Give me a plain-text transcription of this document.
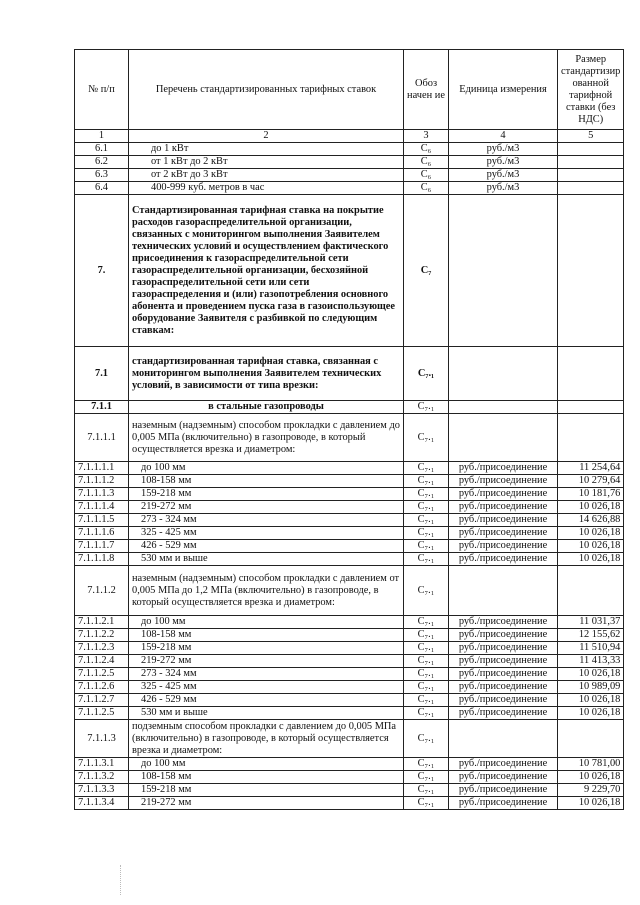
№ п/п	Перечень стандартизированных тарифных ставок	Обоз начен ие	Единица измерения	Размер стандартизир ованной тарифной ставки (без НДС)
1	2	3	4	5
6.1	до 1 кВт	C₆	руб./м3	
6.2	от 1 кВт до 2 кВт	C₆	руб./м3	
6.3	от 2 кВт до 3 кВт	C₆	руб./м3	
6.4	400-999 куб. метров в час	C₆	руб./м3	
7.	Стандартизированная тарифная ставка на покрытие расходов газораспределительной организации, связанных с мониторингом выполнения Заявителем технических условий и осуществлением фактического присоединения к газораспределительной сети газораспределительной организации, бесхозяйной газораспределительной сети или сети газораспределения и (или) газопотребления основного абонента и проведением пуска газа в газоиспользующее оборудование Заявителя с разбивкой по следующим ставкам:	C₇		
7.1	стандартизированная тарифная ставка, связанная с мониторингом выполнения Заявителем технических условий, в зависимости от типа врезки:	C₇.₁		
7.1.1	в стальные газопроводы	C₇.₁		
7.1.1.1	наземным (надземным) способом прокладки с давлением до 0,005 МПа (включительно) в газопроводе, в который осуществляется врезка и диаметром:	C₇.₁		
7.1.1.1.1	до 100 мм	C₇.₁	руб./присоединение	11 254,64
7.1.1.1.2	108-158 мм	C₇.₁	руб./присоединение	10 279,64
7.1.1.1.3	159-218 мм	C₇.₁	руб./присоединение	10 181,76
7.1.1.1.4	219-272 мм	C₇.₁	руб./присоединение	10 026,18
7.1.1.1.5	273 - 324 мм	C₇.₁	руб./присоединение	14 626,88
7.1.1.1.6	325 - 425 мм	C₇.₁	руб./присоединение	10 026,18
7.1.1.1.7	426 - 529 мм	C₇.₁	руб./присоединение	10 026,18
7.1.1.1.8	530 мм и выше	C₇.₁	руб./присоединение	10 026,18
7.1.1.2	наземным (надземным) способом прокладки с давлением от 0,005 МПа до 1,2 МПа (включительно) в газопроводе, в который осуществляется врезка и диаметром:	C₇.₁		
7.1.1.2.1	до 100 мм	C₇.₁	руб./присоединение	11 031,37
7.1.1.2.2	108-158 мм	C₇.₁	руб./присоединение	12 155,62
7.1.1.2.3	159-218 мм	C₇.₁	руб./присоединение	11 510,94
7.1.1.2.4	219-272 мм	C₇.₁	руб./присоединение	11 413,33
7.1.1.2.5	273 - 324 мм	C₇.₁	руб./присоединение	10 026,18
7.1.1.2.6	325 - 425 мм	C₇.₁	руб./присоединение	10 989,09
7.1.1.2.7	426 - 529 мм	C₇.₁	руб./присоединение	10 026,18
7.1.1.2.5	530 мм и выше	C₇.₁	руб./присоединение	10 026,18
7.1.1.3	подземным способом прокладки с давлением до 0,005 МПа (включительно) в газопроводе, в который осуществляется врезка и диаметром:	C₇.₁		
7.1.1.3.1	до 100 мм	C₇.₁	руб./присоединение	10 781,00
7.1.1.3.2	108-158 мм	C₇.₁	руб./присоединение	10 026,18
7.1.1.3.3	159-218 мм	C₇.₁	руб./присоединение	9 229,70
7.1.1.3.4	219-272 мм	C₇.₁	руб./присоединение	10 026,18
